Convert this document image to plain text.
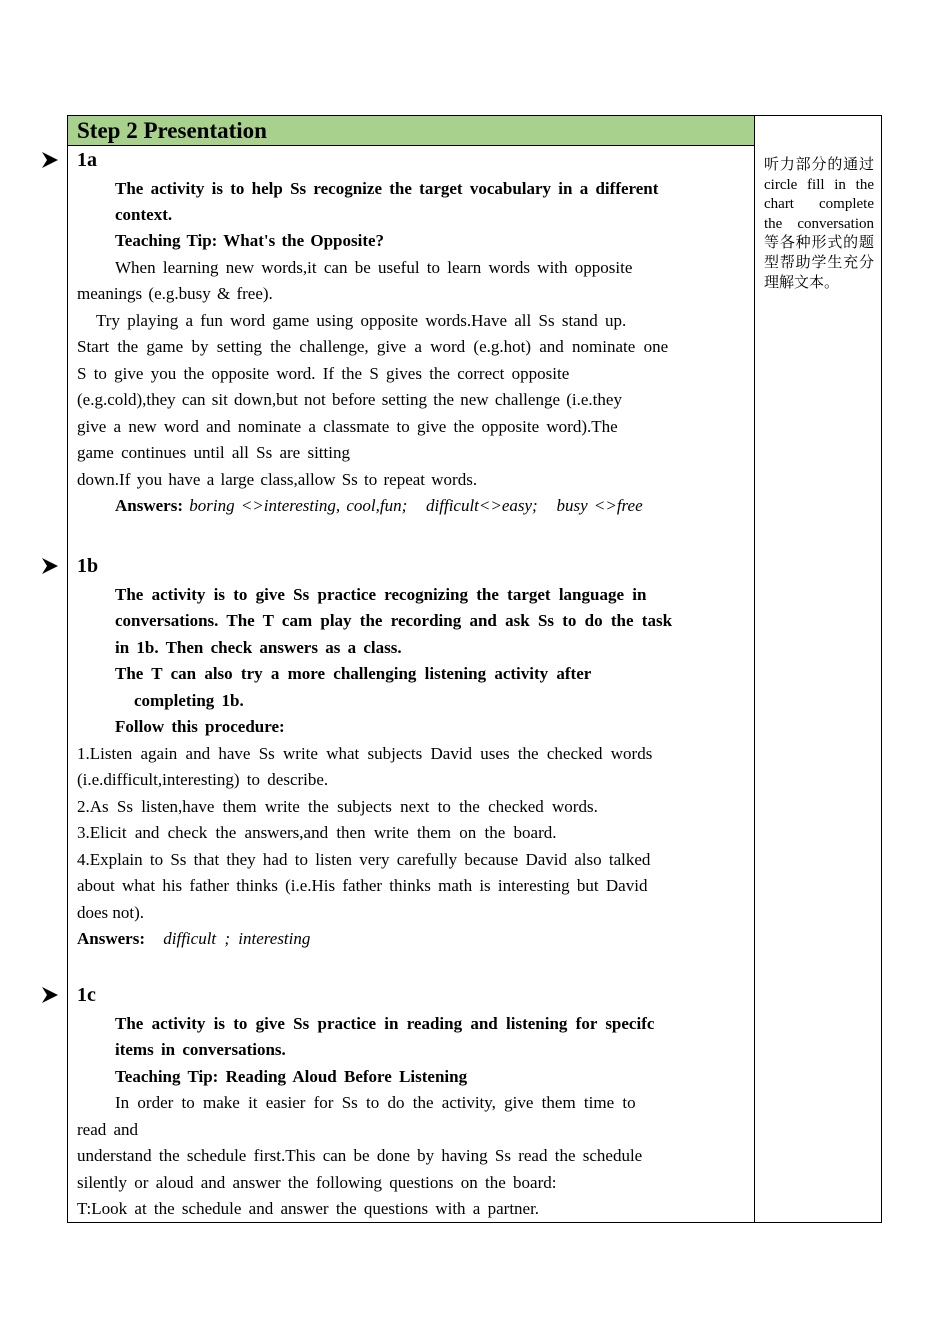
Step 2 Presentation
听力部分的通过 circle fill in the chart complete the conversation 等各种形式的题型帮助学生充分理解文本。
1a
The activity is to help Ss recognize the target vocabulary in a different
context.
Teaching Tip: What's the Opposite?
When learning new words,it can be useful to learn words with opposite
meanings (e.g.busy & free).
Try playing a fun word game using opposite words.Have all Ss stand up.
Start the game by setting the challenge, give a word (e.g.hot) and nominate one
S to give you the opposite word. If the S gives the correct opposite
(e.g.cold),they can sit down,but not before setting the new challenge (i.e.they
give a new word and nominate a classmate to give the opposite word).The
game continues until all Ss are sitting
down.If you have a large class,allow Ss to repeat words.
Answers: boring <>interesting, cool,fun;   difficult<>easy;   busy <>free
1b
The activity is to give Ss practice recognizing the target language in
conversations. The T cam play the recording and ask Ss to do the task
in 1b. Then check answers as a class.
The T can also try a more challenging listening activity after
completing 1b.
Follow this procedure:
1.Listen again and have Ss write what subjects David uses the checked words
(i.e.difficult,interesting) to describe.
2.As Ss listen,have them write the subjects next to the checked words.
3.Elicit and check the answers,and then write them on the board.
4.Explain to Ss that they had to listen very carefully because David also talked
about what his father thinks (i.e.His father thinks math is interesting but David
does not).
Answers: difficult ; interesting
1c
The activity is to give Ss practice in reading and listening for specifc
items in conversations.
Teaching Tip: Reading Aloud Before Listening
In order to make it easier for Ss to do the activity, give them time to
read and
understand the schedule first.This can be done by having Ss read the schedule
silently or aloud and answer the following questions on the board:
T:Look at the schedule and answer the questions with a partner.
